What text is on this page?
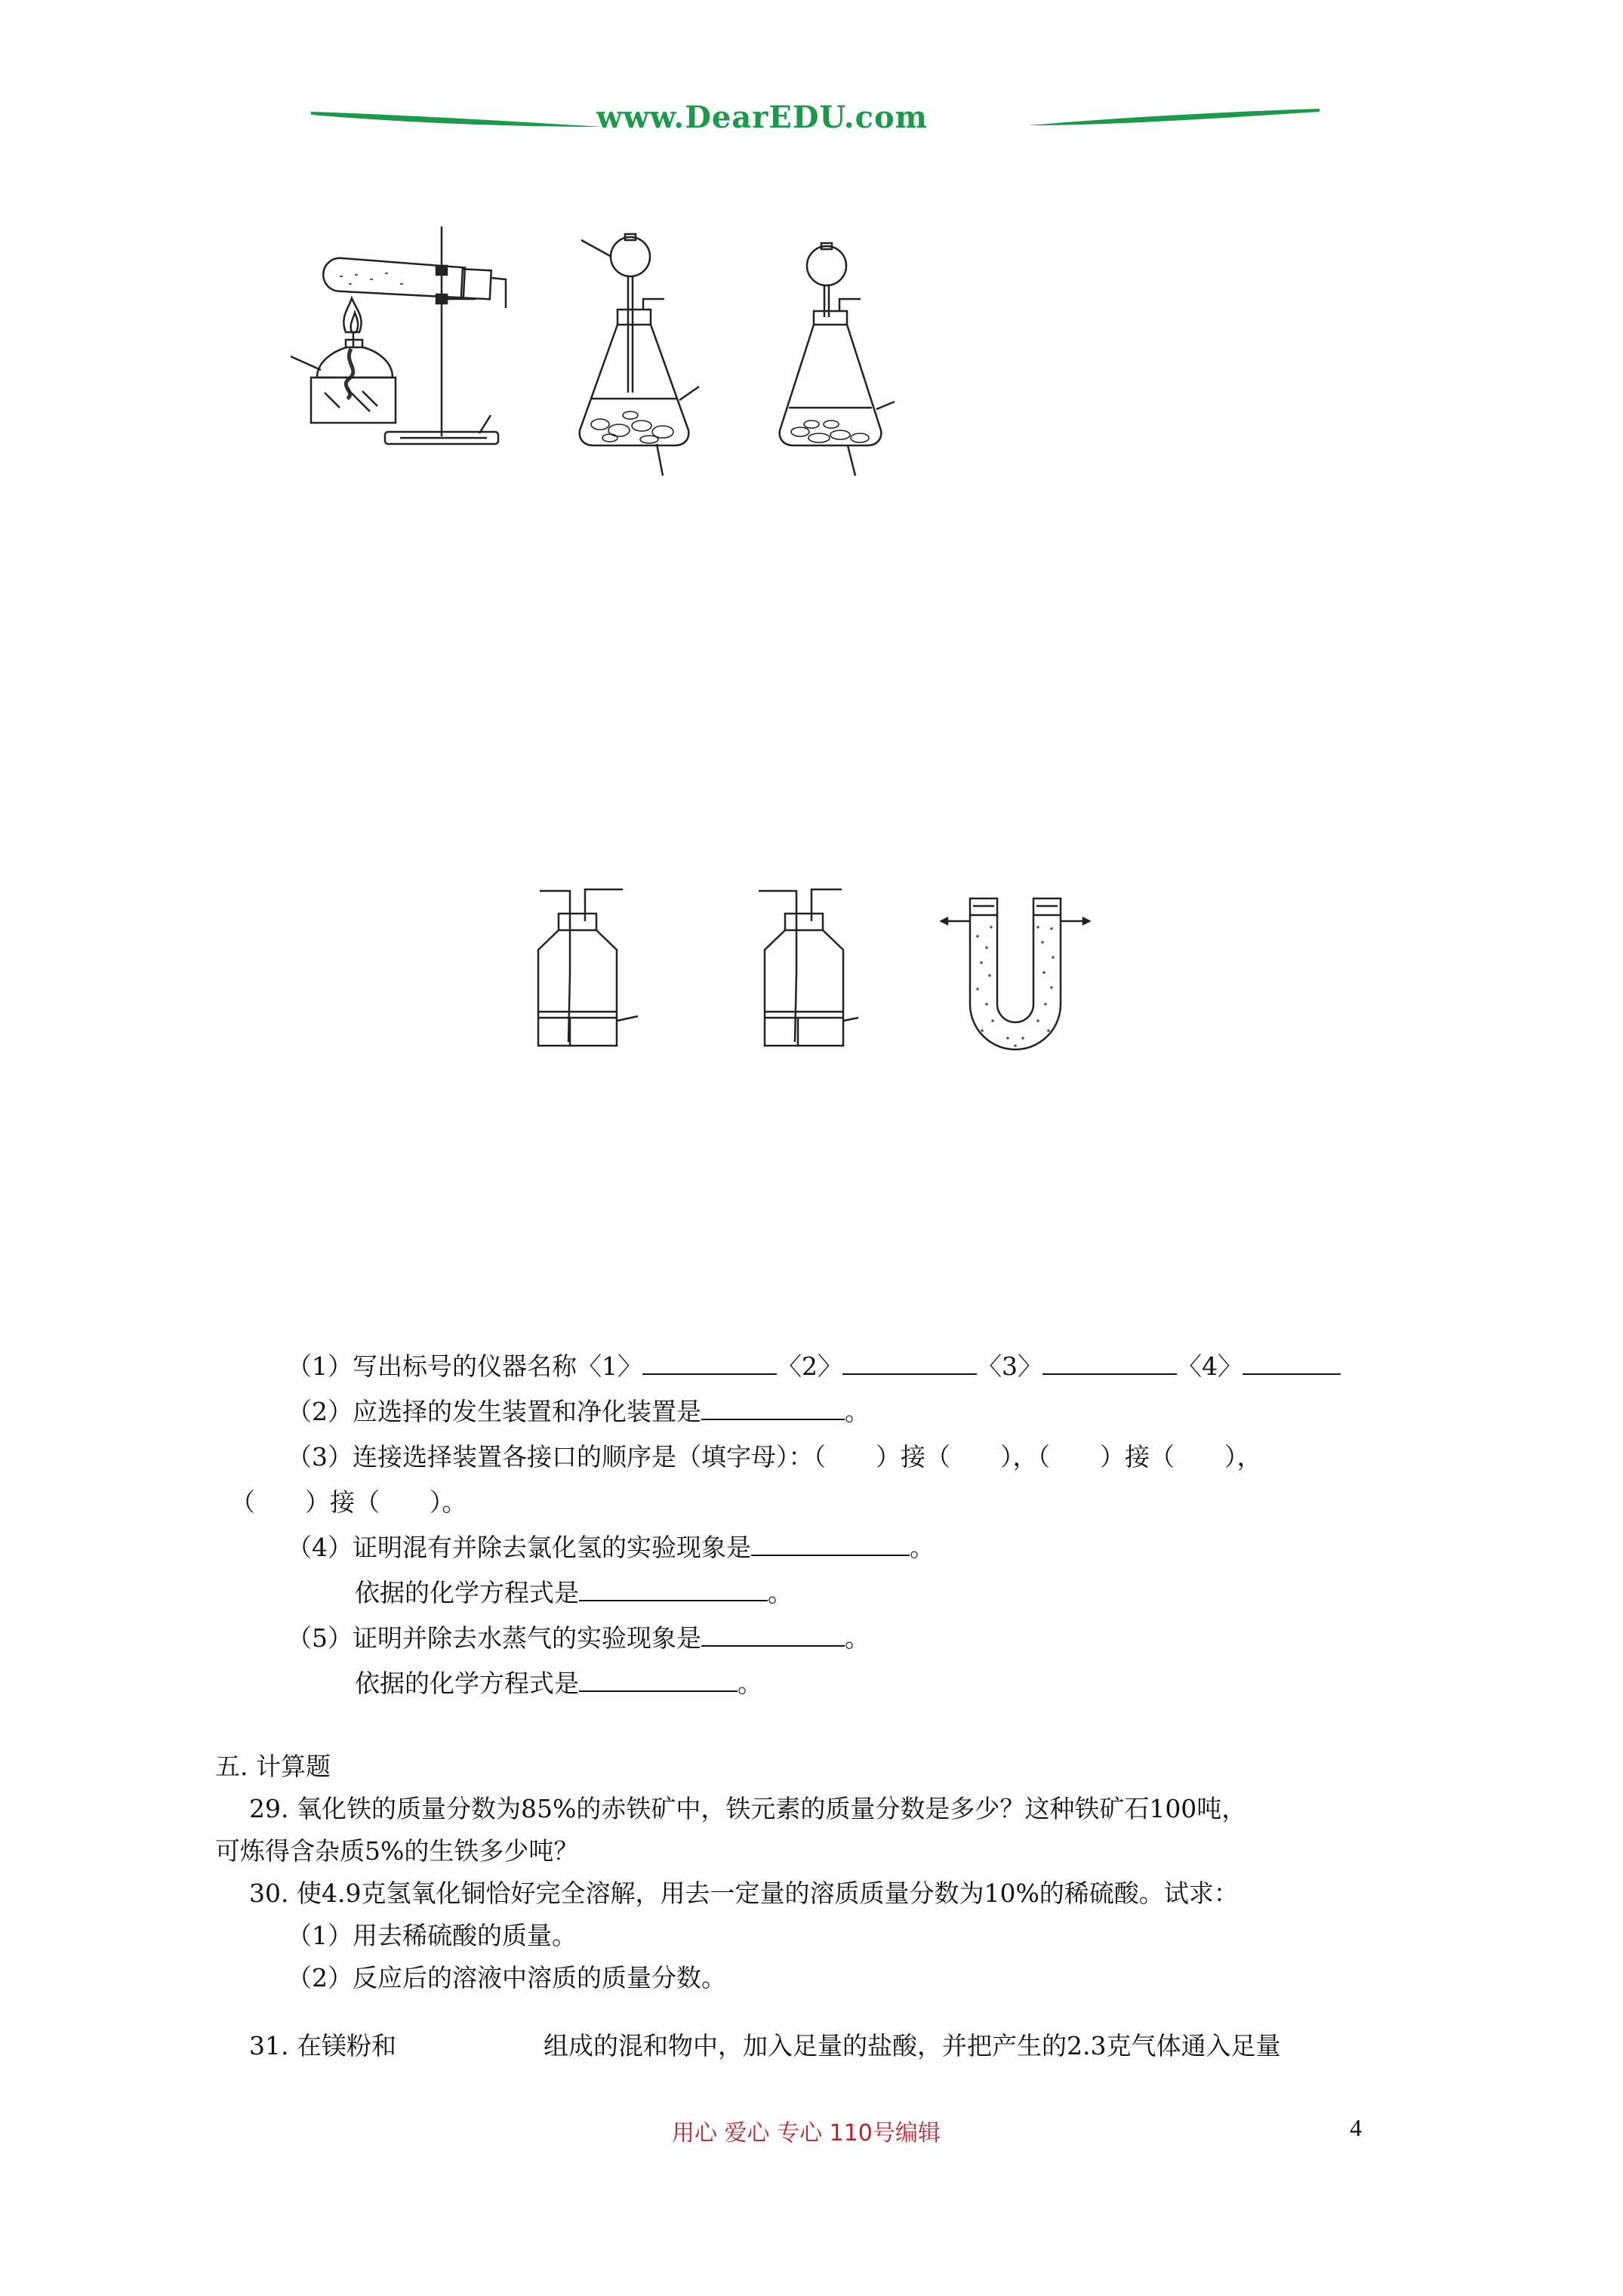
www.DearEDU.com
（1）写出标号的仪器名称〈1〉	〈2〉	〈3〉	〈4〉
（2）应选择的发生装置和净化装置是	。
（3）连接选择装置各接口的顺序是（填字母）：（　　）接（　　），（　　）接（　　），
（　　）接（　　）。
（4）证明混有并除去氯化氢的实验现象是	。
依据的化学方程式是	。
（5）证明并除去水蒸气的实验现象是	。
依据的化学方程式是	。
五. 计算题
29. 氧化铁的质量分数为85%的赤铁矿中，铁元素的质量分数是多少？这种铁矿石100吨，
可炼得含杂质5%的生铁多少吨？
30. 使4.9克氢氧化铜恰好完全溶解，用去一定量的溶质质量分数为10%的稀硫酸。试求：
（1）用去稀硫酸的质量。
（2）反应后的溶液中溶质的质量分数。
31. 在镁粉和	组成的混和物中，加入足量的盐酸，并把产生的2.3克气体通入足量
用心 爱心 专心 110号编辑	4
